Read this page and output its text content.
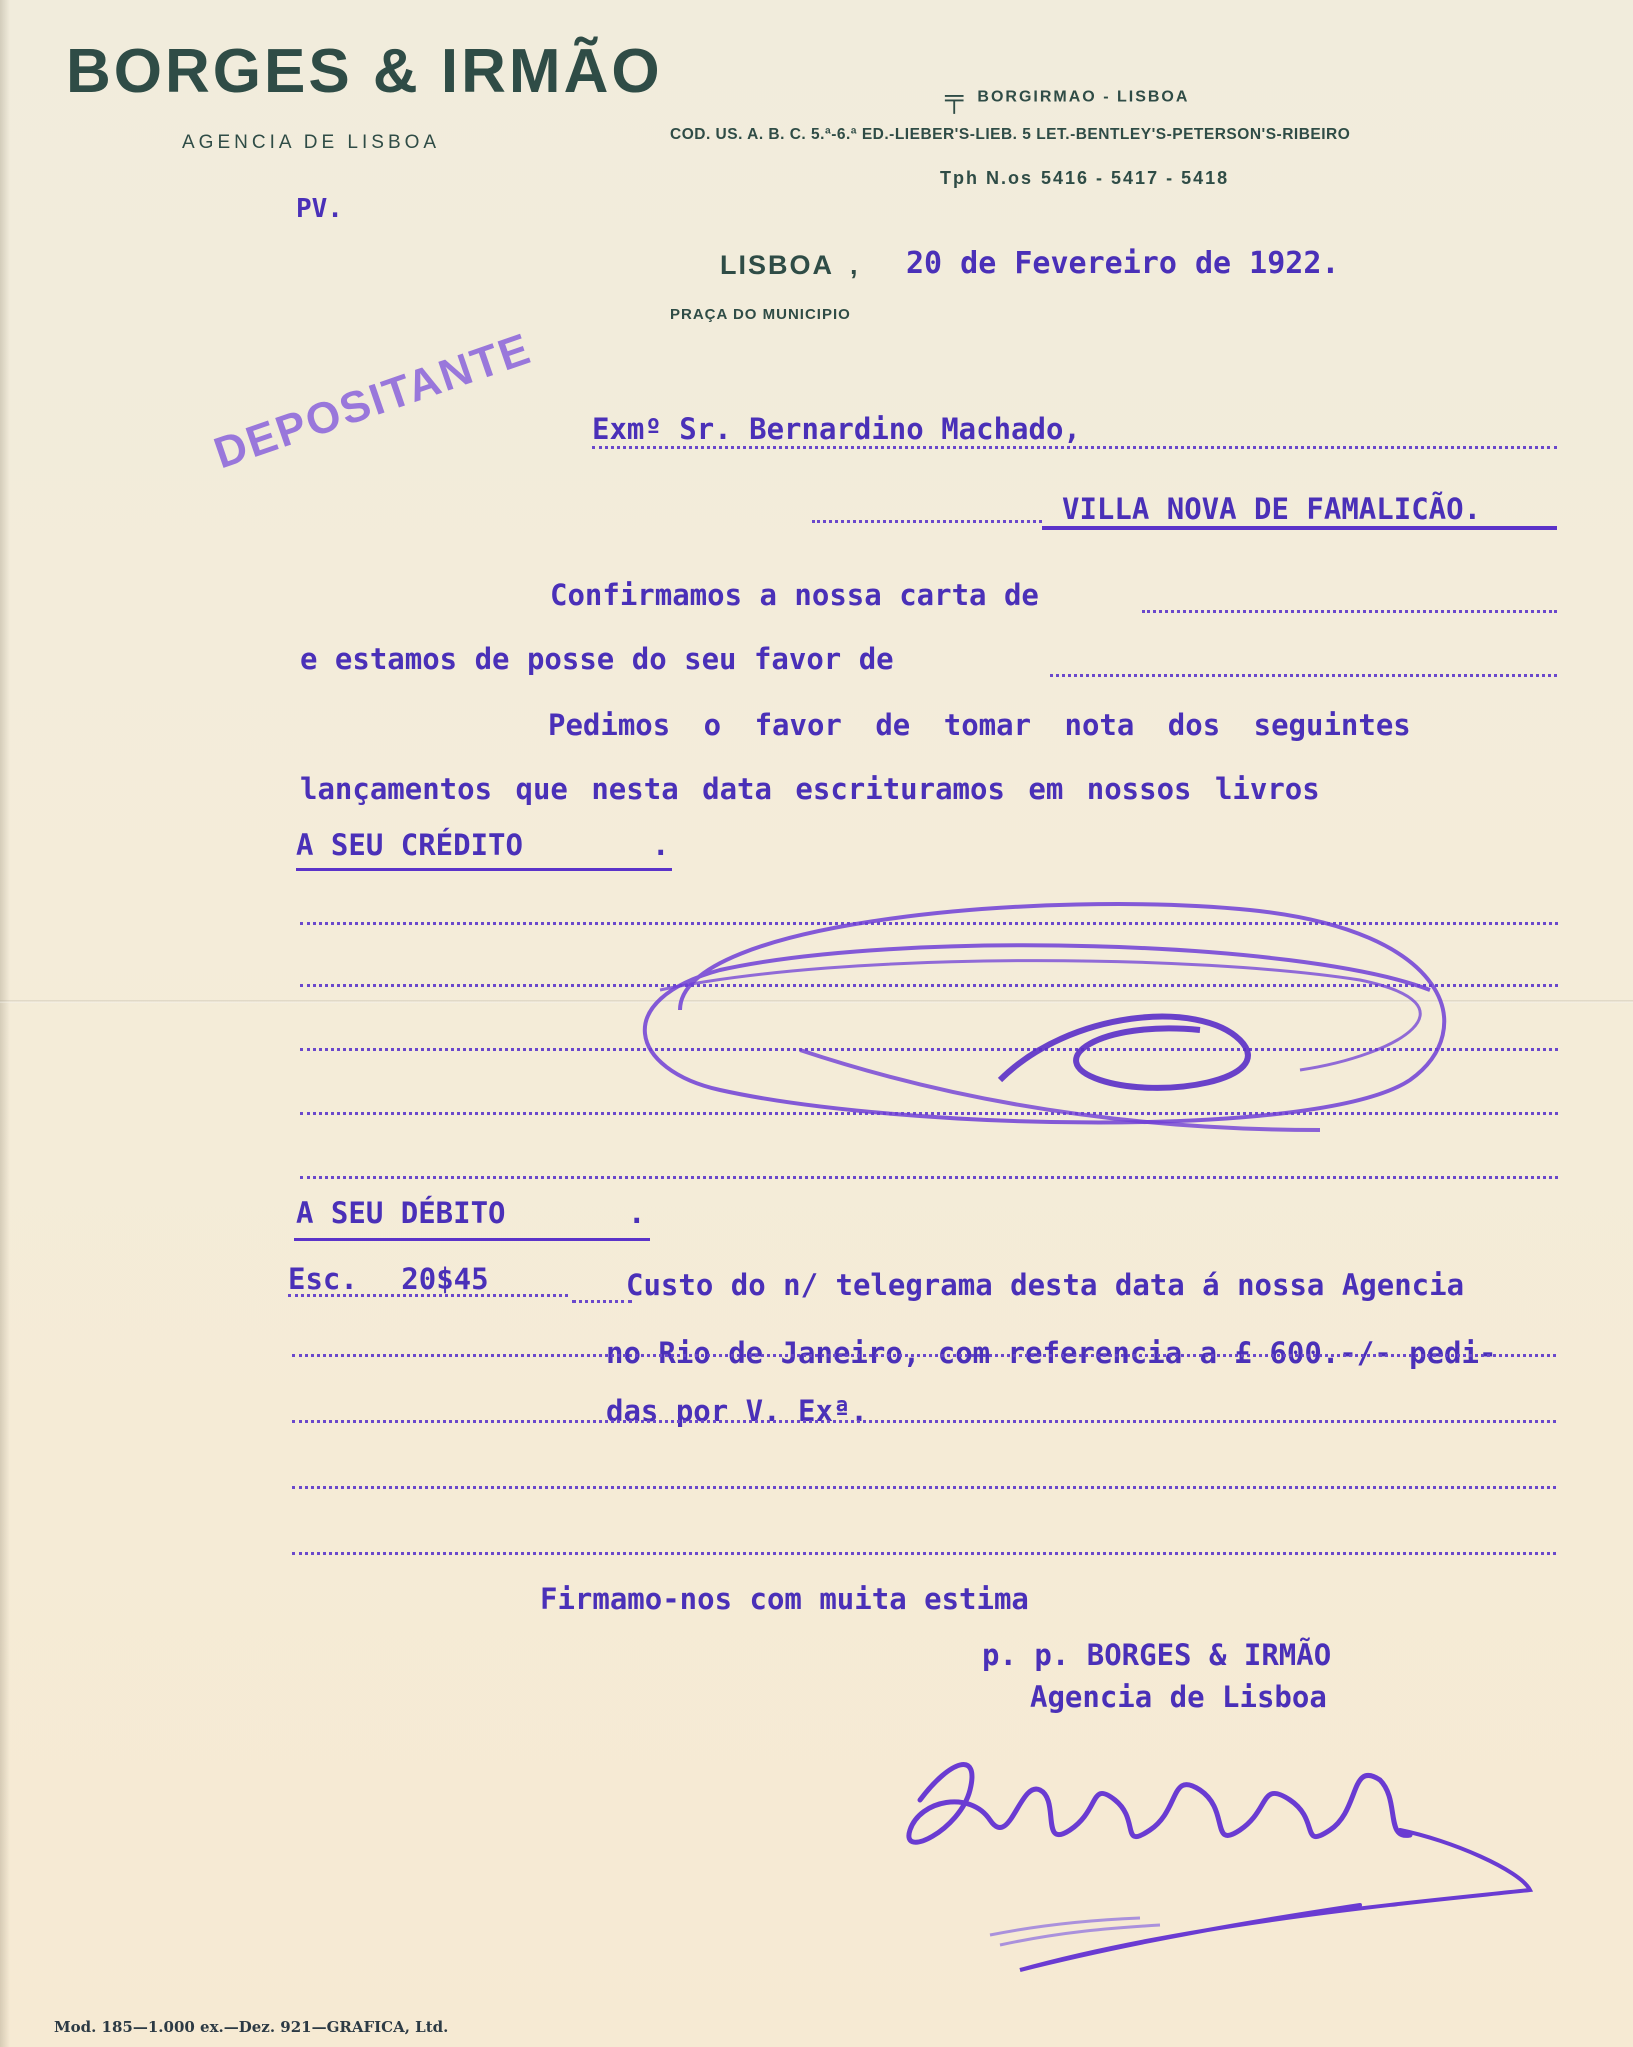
BORGES & IRMÃO
AGENCIA DE LISBOA
╤ BORGIRMAO - LISBOA
COD. US. A. B. C. 5.ª-6.ª ED.-LIEBER'S-LIEB. 5 LET.-BENTLEY'S-PETERSON'S-RIBEIRO
Tph N.os 5416 - 5417 - 5418
PV.
LISBOA , 20 de Fevereiro de 1922.
PRAÇA DO MUNICIPIO
DEPOSITANTE Exmº Sr. Bernardino Machado,
VILLA NOVA DE FAMALICÃO.
Confirmamos a nossa carta de
e estamos de posse do seu favor de
Pedimos o favor de tomar nota dos seguintes
lançamentos que nesta data escrituramos em nossos livros
A SEU CRÉDITO	.
A SEU DÉBITO	.
Esc. 20$45	Custo do n/ telegrama desta data á nossa Agencia
no Rio de Janeiro, com referencia a £ 600.-/- pedi-
das por V. Exª.
Firmamo-nos com muita estima
p. p. BORGES & IRMÃO
Agencia de Lisboa
Mod. 185—1.000 ex.—Dez. 921—GRAFICA, Ltd.
